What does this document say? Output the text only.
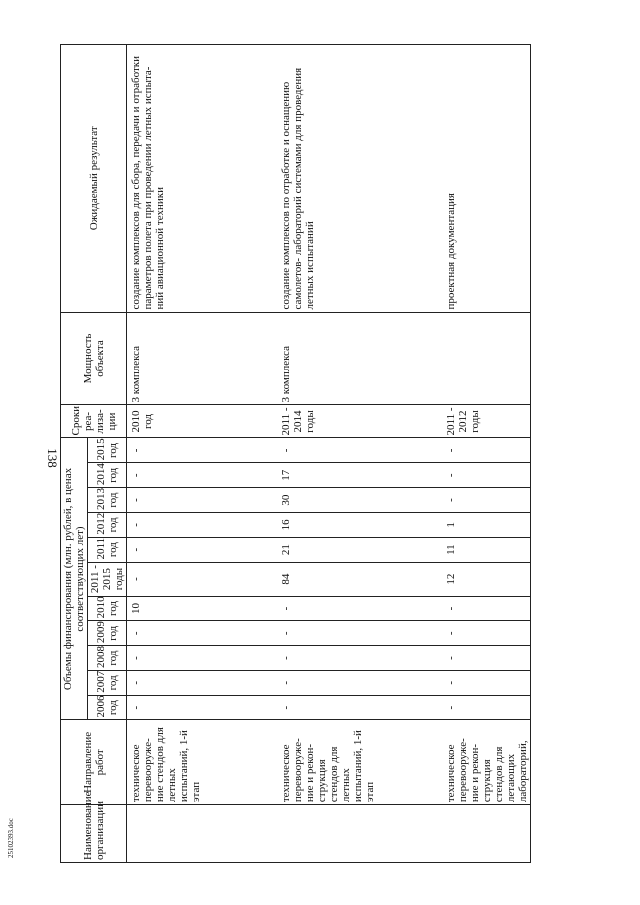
138
25102393.doc	Наименование организации	Направление работ	Объемы финансирования (млн. рублей, в ценах соответствующих лет)											Сроки реа- лиза- ции	Мощность объекта	Ожидаемый результат
		2006 год	2007 год	2008 год	2009 год	2010 год	2011 - 2015 годы	2011 год	2012 год	2013 год	2014 год	2015 год			

	техническое перевооруже- ние стендов для летных испытаний, 1-й этап	-	-	-	-	10	-	-	-	-	-	-	2010 год	3 комплекса	создание комплексов для сбора, передачи и отработки параметров полета при проведении летных испыта- ний авиационной техники
	техническое перевооруже- ние и рекон- струкция стендов для летных испытаний, 1-й этап	-	-	-	-	-	84	21	16	30	17	-	2011 - 2014 годы	3 комплекса	создание комплексов по отработке и оснащению самолетов- лабораторий системами для проведения летных испытаний
	техническое перевооруже- ние и рекон- струкция стендов для летающих лабораторий,	-	-	-	-	-	12	11	1	-	-	-	2011 - 2012 годы		проектная документация
